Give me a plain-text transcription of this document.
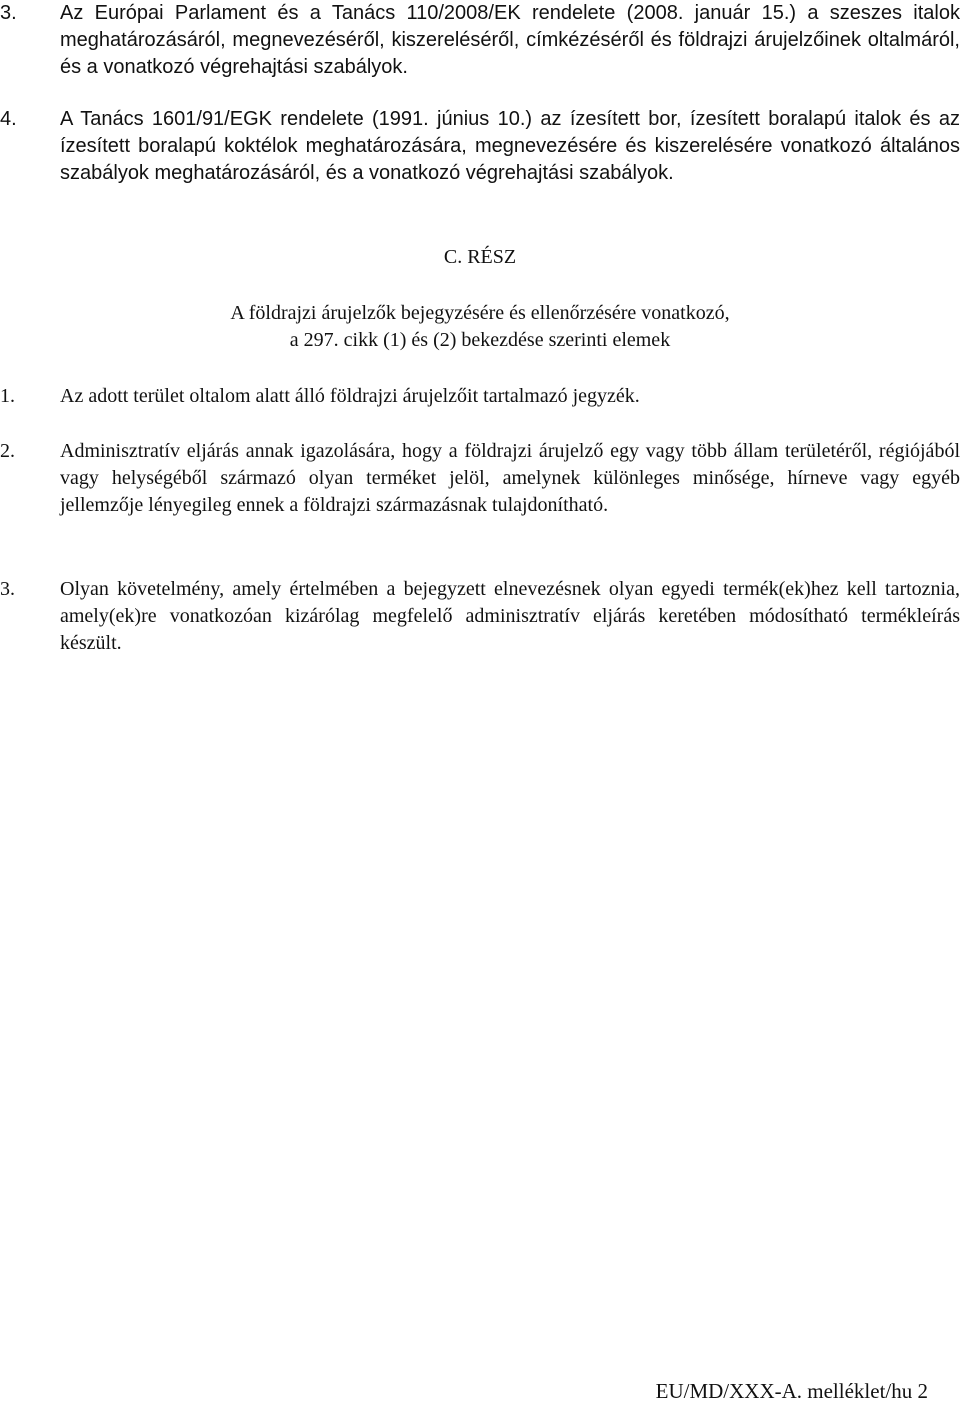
3.	Az Európai Parlament és a Tanács 110/2008/EK rendelete (2008. január 15.) a szeszes italok meghatározásáról, megnevezéséről, kiszereléséről, címkézéséről és földrajzi árujelzőinek oltalmáról, és a vonatkozó végrehajtási szabályok.
4.	A Tanács 1601/91/EGK rendelete (1991. június 10.) az ízesített bor, ízesített boralapú italok és az ízesített boralapú koktélok meghatározására, megnevezésére és kiszerelésére vonatkozó általános szabályok meghatározásáról, és a vonatkozó végrehajtási szabályok.
C. RÉSZ
A földrajzi árujelzők bejegyzésére és ellenőrzésére vonatkozó,
a 297. cikk (1) és (2) bekezdése szerinti elemek
1.	Az adott terület oltalom alatt álló földrajzi árujelzőit tartalmazó jegyzék.
2.	Adminisztratív eljárás annak igazolására, hogy a földrajzi árujelző egy vagy több állam területéről, régiójából vagy helységéből származó olyan terméket jelöl, amelynek különleges minősége, hírneve vagy egyéb jellemzője lényegileg ennek a földrajzi származásnak tulajdonítható.
3.	Olyan követelmény, amely értelmében a bejegyzett elnevezésnek olyan egyedi termék(ek)hez kell tartoznia, amely(ek)re vonatkozóan kizárólag megfelelő adminisztratív eljárás keretében módosítható termékleírás készült.
EU/MD/XXX-A. melléklet/hu 2
